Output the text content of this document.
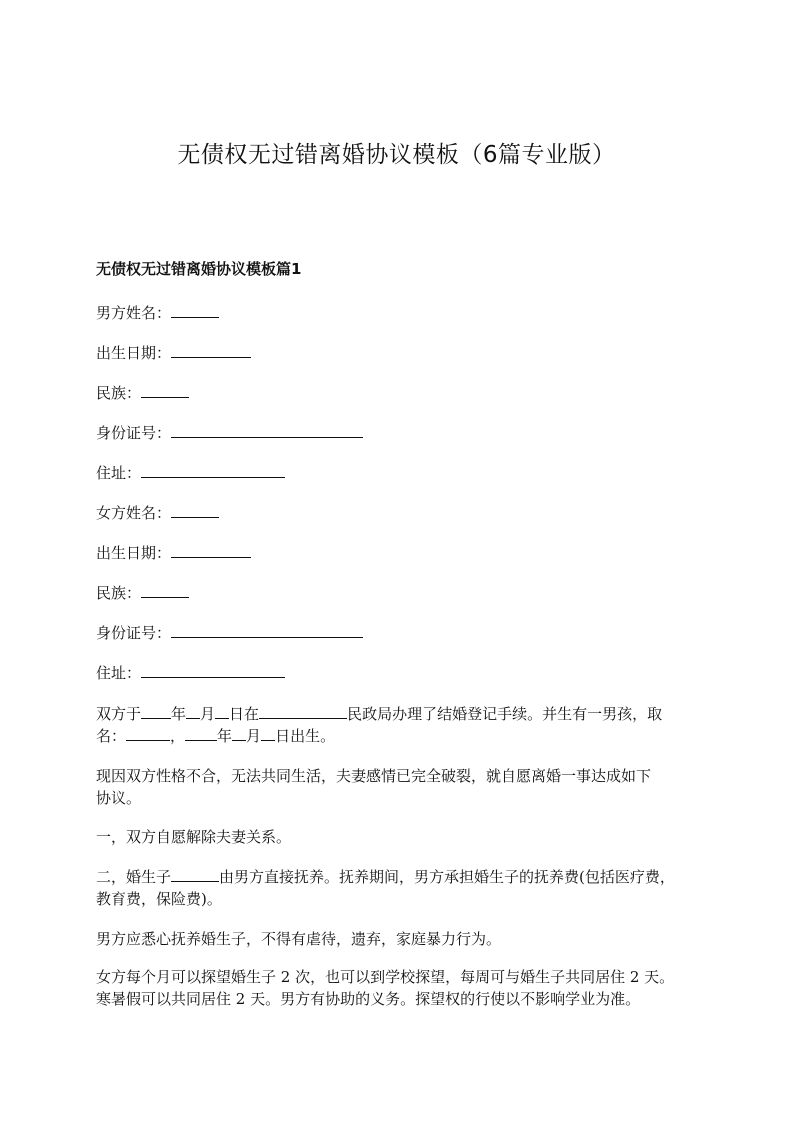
无债权无过错离婚协议模板（6篇专业版）
无债权无过错离婚协议模板篇1
男方姓名：
出生日期：
民族：
身份证号：
住址：
女方姓名：
出生日期：
民族：
身份证号：
住址：
双方于 年 月 日在	民政局办理了结婚登记手续。并生有一男孩，取
名：	， 年 月 日出生。
现因双方性格不合，无法共同生活，夫妻感情已完全破裂，就自愿离婚一事达成如下
协议。
一，双方自愿解除夫妻关系。
二，婚生子	由男方直接抚养。抚养期间，男方承担婚生子的抚养费(包括医疗费，
教育费，保险费)。
男方应悉心抚养婚生子，不得有虐待，遗弃，家庭暴力行为。
女方每个月可以探望婚生子 2 次，也可以到学校探望，每周可与婚生子共同居住 2 天。
寒暑假可以共同居住 2 天。男方有协助的义务。探望权的行使以不影响学业为准。
